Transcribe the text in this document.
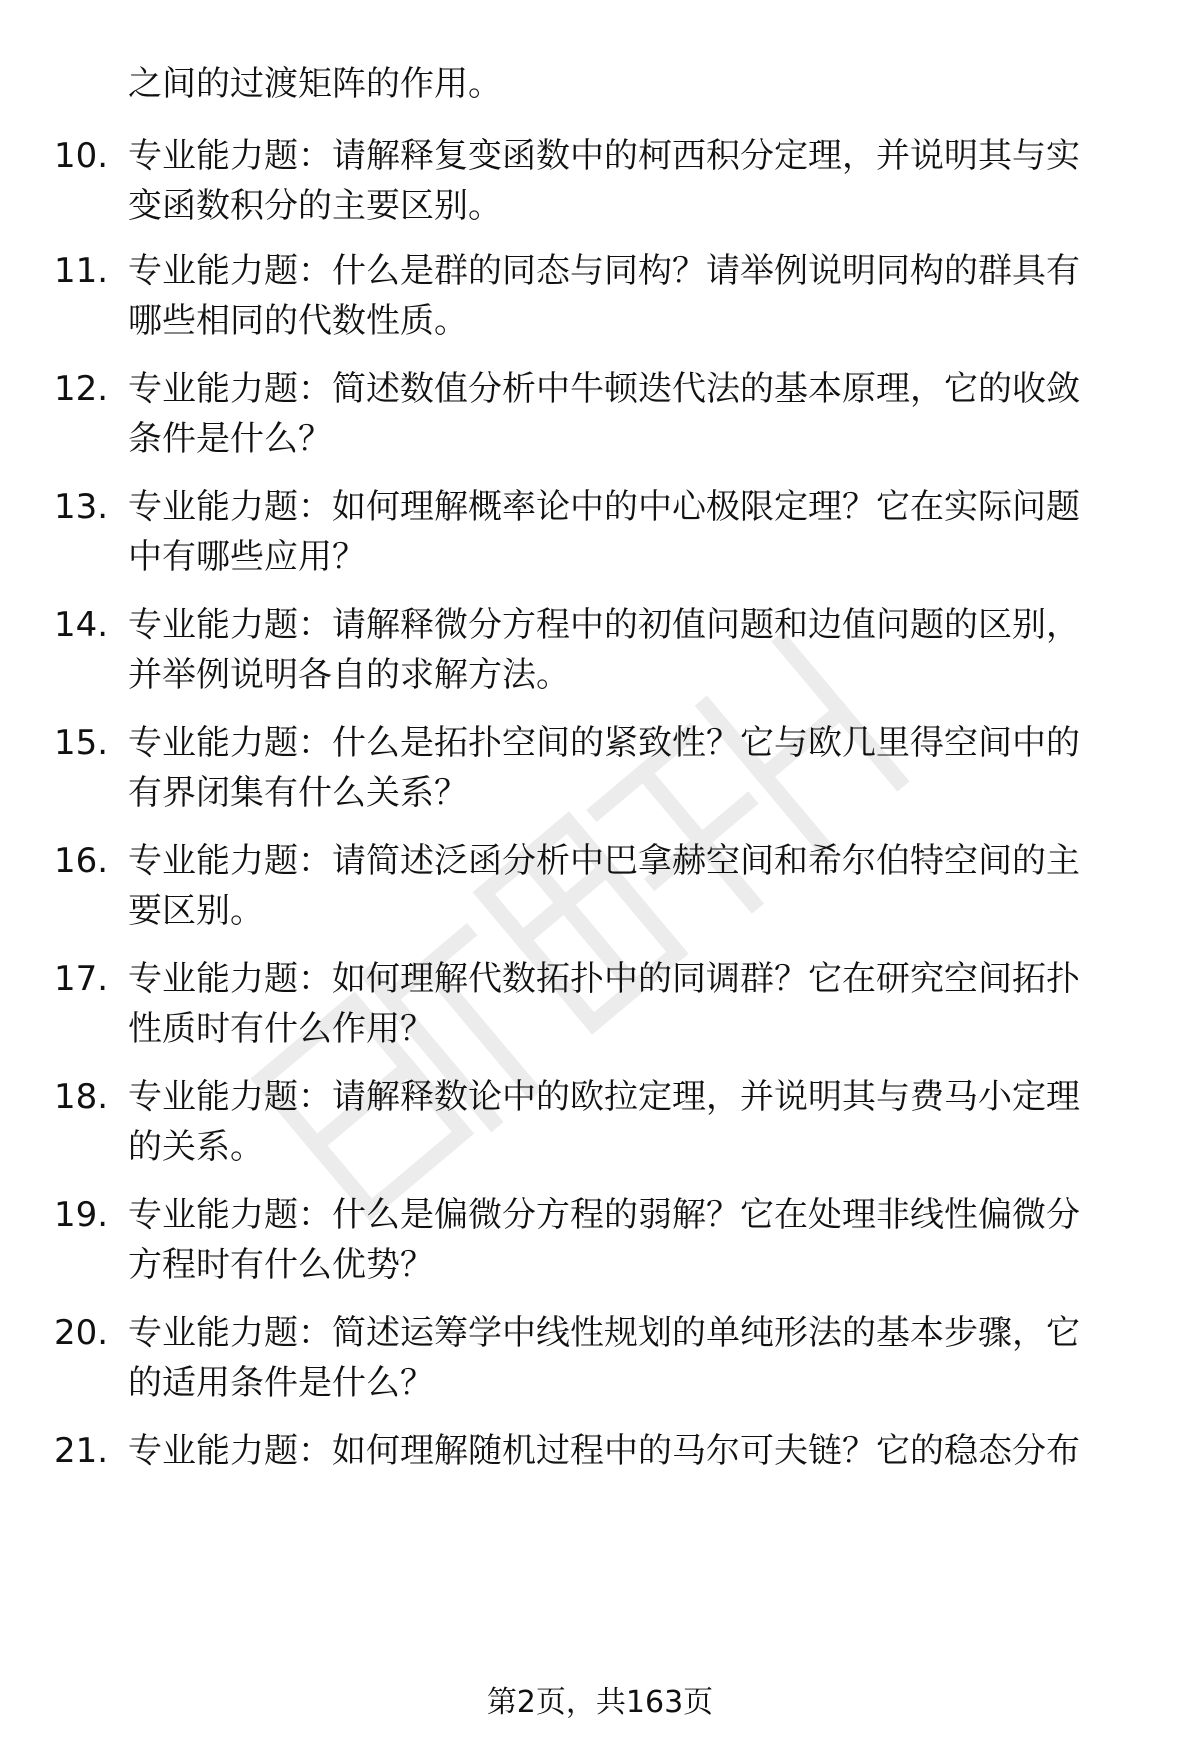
之间的过渡矩阵的作用。
10. 专业能力题：请解释复变函数中的柯西积分定理，并说明其与实
变函数积分的主要区别。
11. 专业能力题：什么是群的同态与同构？请举例说明同构的群具有
哪些相同的代数性质。
12. 专业能力题：简述数值分析中牛顿迭代法的基本原理，它的收敛
条件是什么？
13. 专业能力题：如何理解概率论中的中心极限定理？它在实际问题
中有哪些应用？
14. 专业能力题：请解释微分方程中的初值问题和边值问题的区别，
并举例说明各自的求解方法。
15. 专业能力题：什么是拓扑空间的紧致性？它与欧几里得空间中的
有界闭集有什么关系？
16. 专业能力题：请简述泛函分析中巴拿赫空间和希尔伯特空间的主
要区别。
17. 专业能力题：如何理解代数拓扑中的同调群？它在研究空间拓扑
性质时有什么作用？
18. 专业能力题：请解释数论中的欧拉定理，并说明其与费马小定理
的关系。
19. 专业能力题：什么是偏微分方程的弱解？它在处理非线性偏微分
方程时有什么优势？
20. 专业能力题：简述运筹学中线性规划的单纯形法的基本步骤，它
的适用条件是什么？
21. 专业能力题：如何理解随机过程中的马尔可夫链？它的稳态分布
第2页，共163页
